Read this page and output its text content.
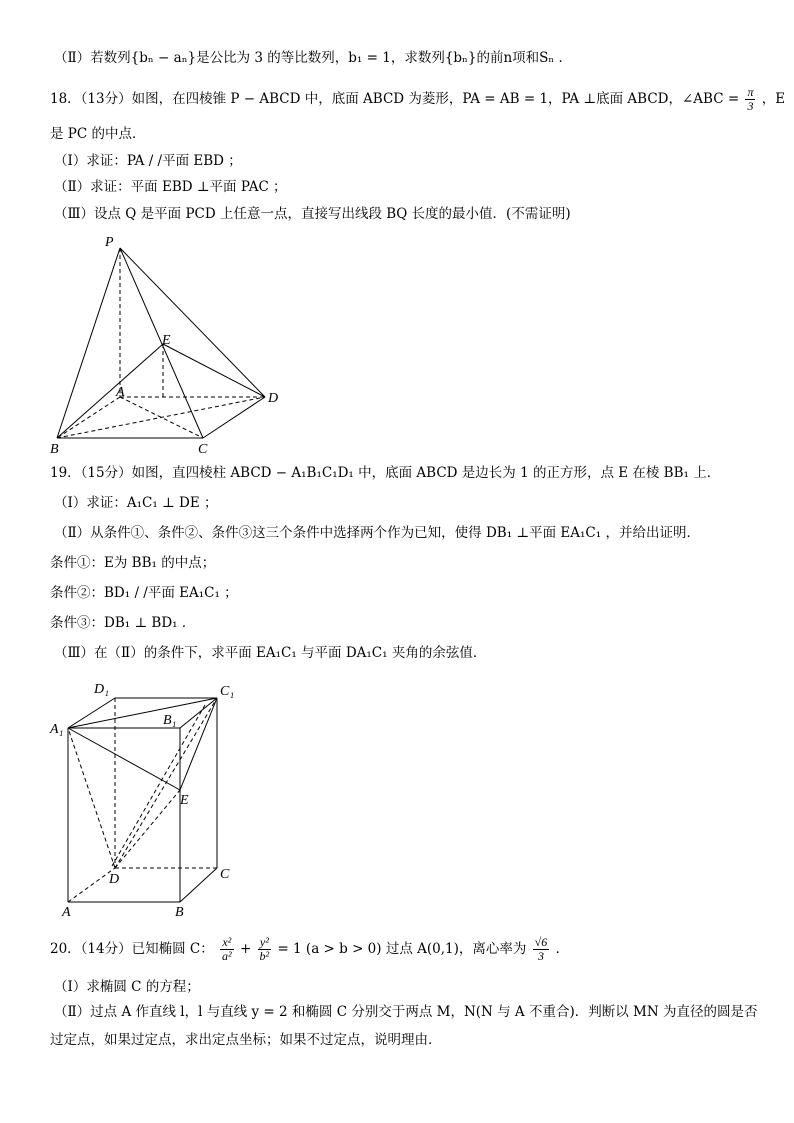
（Ⅱ）若数列{bₙ − aₙ}是公比为 3 的等比数列，b₁ = 1，求数列{bₙ}的前n项和Sₙ ．
18．（13分）如图，在四棱锥 P − ABCD 中，底面 ABCD 为菱形，PA = AB = 1，PA ⊥底面 ABCD，∠ABC = $\frac{\pi}{3}$ ，E
是 PC 的中点．
（Ⅰ）求证：PA / /平面 EBD ；
（Ⅱ）求证：平面 EBD ⊥平面 PAC ；
（Ⅲ）设点 Q 是平面 PCD 上任意一点，直接写出线段 BQ 长度的最小值．(不需证明)
P
E
A	D
B	C
19．（15分）如图，直四棱柱 ABCD − A₁B₁C₁D₁ 中，底面 ABCD 是边长为 1 的正方形，点 E 在棱 BB₁ 上．
（Ⅰ）求证：A₁C₁ ⊥ DE ；
（Ⅱ）从条件①、条件②、条件③这三个条件中选择两个作为已知，使得 DB₁ ⊥平面 EA₁C₁ ，并给出证明．
条件①：E为 BB₁ 的中点；
条件②：BD₁ / /平面 EA₁C₁ ；
条件③：DB₁ ⊥ BD₁ ．
（Ⅲ）在（Ⅱ）的条件下，求平面 EA₁C₁ 与平面 DA₁C₁ 夹角的余弦值．
D₁	C₁
A₁
B₁
E
D	C
A	B
20．（14分）已知椭圆 C： $\frac{\text{x²}}{\text{a²}} + \frac{\text{y²}}{\text{b²}} = 1$ (a > b > 0) 过点 A(0,1)，离心率为 $\frac{√6}{3}$ ．
（Ⅰ）求椭圆 C 的方程；
（Ⅱ）过点 A 作直线 l，l 与直线 y = 2 和椭圆 C 分别交于两点 M，N(N 与 A 不重合)．判断以 MN 为直径的圆是否
过定点，如果过定点，求出定点坐标；如果不过定点，说明理由．
